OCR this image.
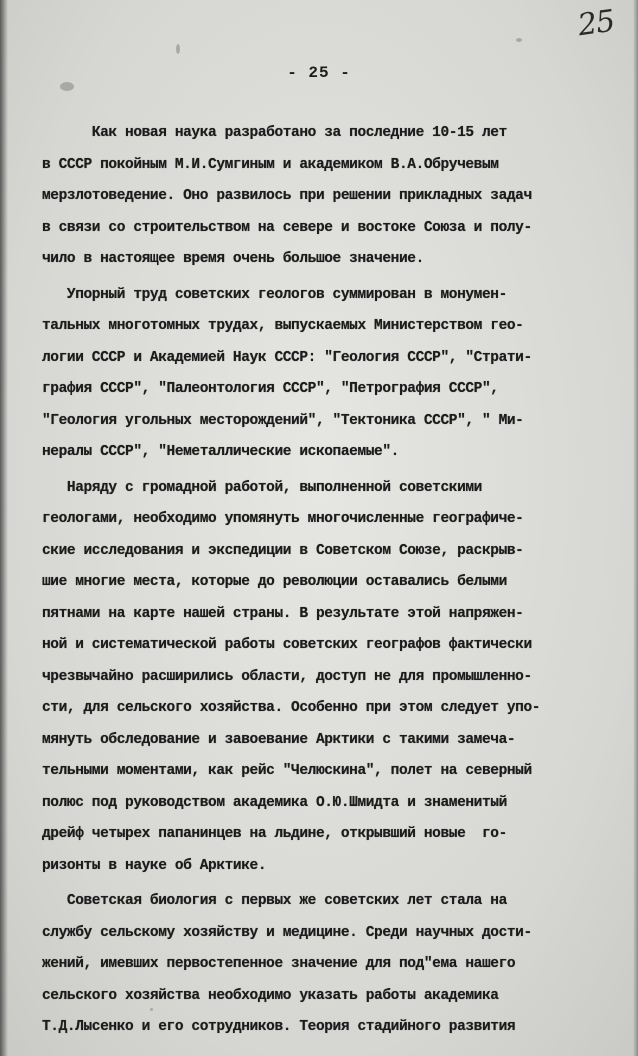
25
- 25 -
Как новая наука разработано за последние 10-15 лет
в СССР покойным М.И.Сумгиным и академиком В.А.Обручевым
мерзлотоведение. Оно развилось при решении прикладных задач
в связи со строительством на севере и востоке Союза и полу-
чило в настоящее время очень большое значение.
Упорный труд советских геологов суммирован в монумен-
тальных многотомных трудах, выпускаемых Министерством гео-
логии СССР и Академией Наук СССР: "Геология СССР", "Страти-
графия СССР", "Палеонтология СССР", "Петрография СССР",
"Геология угольных месторождений", "Тектоника СССР", " Ми-
нералы СССР", "Неметаллические ископаемые".
Наряду с громадной работой, выполненной советскими
геологами, необходимо упомянуть многочисленные географиче-
ские исследования и экспедиции в Советском Союзе, раскрыв-
шие многие места, которые до революции оставались белыми
пятнами на карте нашей страны. В результате этой напряжен-
ной и систематической работы советских географов фактически
чрезвычайно расширились области, доступ не для промышленно-
сти, для сельского хозяйства. Особенно при этом следует упо-
мянуть обследование и завоевание Арктики с такими замеча-
тельными моментами, как рейс "Челюскина", полет на северный
полюс под руководством академика О.Ю.Шмидта и знаменитый
дрейф четырех папанинцев на льдине, открывший новые  го-
ризонты в науке об Арктике.
Советская биология с первых же советских лет стала на
службу сельскому хозяйству и медицине. Среди научных дости-
жений, имевших первостепенное значение для под"ема нашего
сельского хозяйства необходимо указать работы академика
Т.Д.Лысенко и его сотрудников. Теория стадийного развития
